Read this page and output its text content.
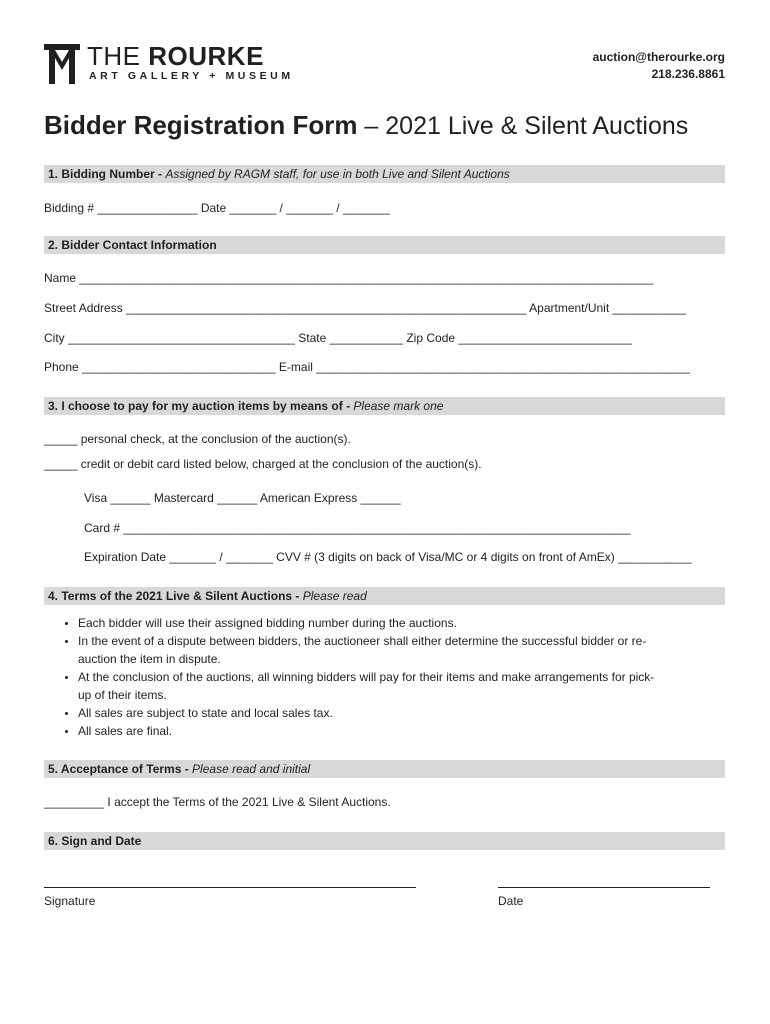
THE ROURKE
ART GALLERY + MUSEUM
auction@therourke.org
218.236.8861
Bidder Registration Form – 2021 Live & Silent Auctions
1. Bidding Number - Assigned by RAGM staff, for use in both Live and Silent Auctions
Bidding # _______________ Date _______ / _______ / _______
2. Bidder Contact Information
Name ______________________________________________________________________________________
Street Address ____________________________________________________________ Apartment/Unit ___________
City __________________________________ State ___________ Zip Code __________________________
Phone _____________________________ E-mail ________________________________________________________
3. I choose to pay for my auction items by means of - Please mark one
_____ personal check, at the conclusion of the auction(s).
_____ credit or debit card listed below, charged at the conclusion of the auction(s).
Visa ______ Mastercard ______ American Express ______
Card # ____________________________________________________________________________
Expiration Date _______ / _______ CVV # (3 digits on back of Visa/MC or 4 digits on front of AmEx) ___________
4. Terms of the 2021 Live & Silent Auctions - Please read
• Each bidder will use their assigned bidding number during the auctions.
• In the event of a dispute between bidders, the auctioneer shall either determine the successful bidder or re-auction the item in dispute.
• At the conclusion of the auctions, all winning bidders will pay for their items and make arrangements for pick-up of their items.
• All sales are subject to state and local sales tax.
• All sales are final.
5. Acceptance of Terms - Please read and initial
_________ I accept the Terms of the 2021 Live & Silent Auctions.
6. Sign and Date
Signature	Date
